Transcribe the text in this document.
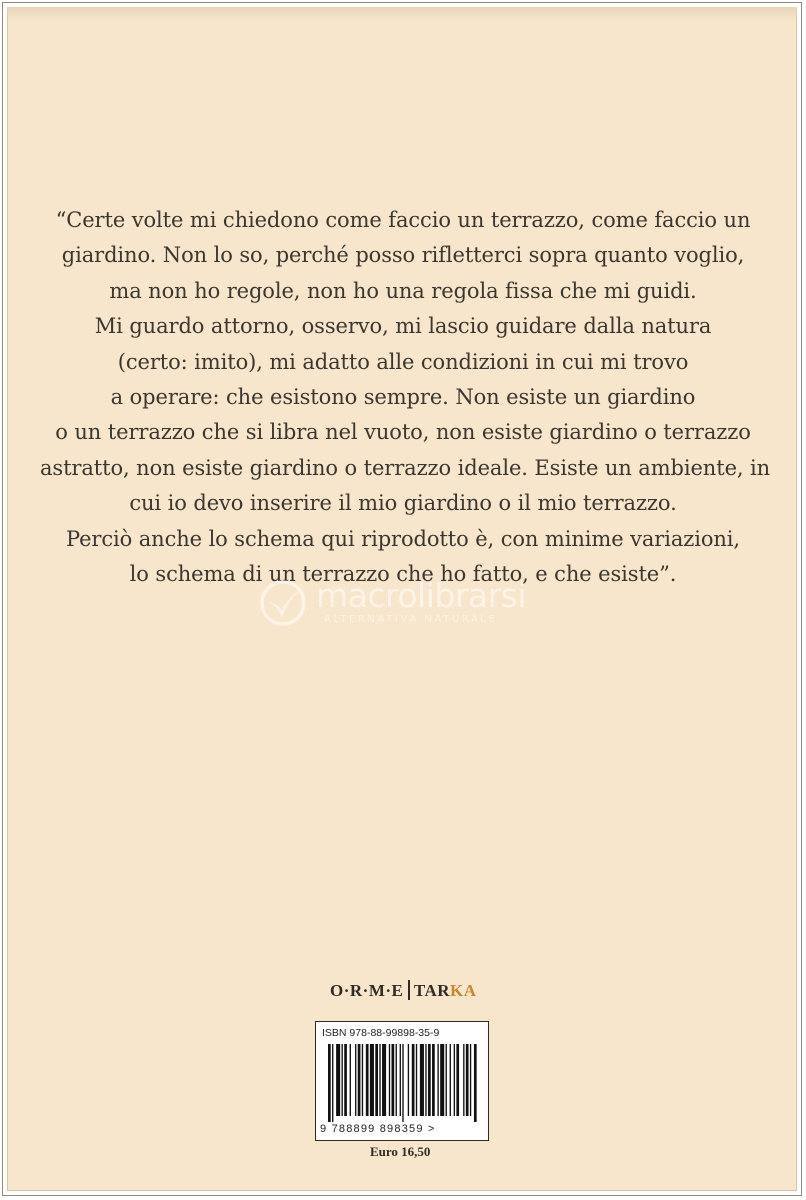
“Certe volte mi chiedono come faccio un terrazzo, come faccio un
giardino. Non lo so, perché posso rifletterci sopra quanto voglio,
ma non ho regole, non ho una regola fissa che mi guidi.
Mi guardo attorno, osservo, mi lascio guidare dalla natura
(certo: imito), mi adatto alle condizioni in cui mi trovo
a operare: che esistono sempre. Non esiste un giardino
o un terrazzo che si libra nel vuoto, non esiste giardino o terrazzo
astratto, non esiste giardino o terrazzo ideale. Esiste un ambiente, in
cui io devo inserire il mio giardino o il mio terrazzo.
Perciò anche lo schema qui riprodotto è, con minime variazioni,
lo schema di un terrazzo che ho fatto, e che esiste”.

macrolibrarsi
ALTERNATIVA NATURALE
O·R·M·E TARKA
ISBN 978-88-99898-35-9
9 788899 898359 >
Euro 16,50
